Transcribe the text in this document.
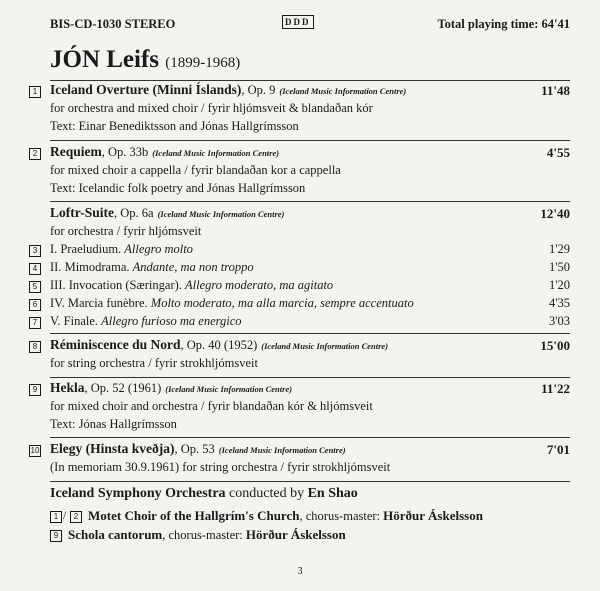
BIS-CD-1030 STEREO	DDD	Total playing time: 64'41
JÓN Leifs (1899-1968)
1 Iceland Overture (Minni Íslands), Op. 9 (Iceland Music Information Centre)	11'48
for orchestra and mixed choir / fyrir hljómsveit & blandaðan kór
Text: Einar Benediktsson and Jónas Hallgrímsson
2 Requiem, Op. 33b (Iceland Music Information Centre)	4'55
for mixed choir a cappella / fyrir blandaðan kor a cappella
Text: Icelandic folk poetry and Jónas Hallgrímsson
Loftr-Suite, Op. 6a (Iceland Music Information Centre)	12'40
for orchestra / fyrir hljómsveit
3	I. Praeludium. Allegro molto	1'29
4	II. Mimodrama. Andante, ma non troppo	1'50
5	III. Invocation (Særingar). Allegro moderato, ma agitato	1'20
6	IV. Marcia funèbre. Molto moderato, ma alla marcia, sempre accentuato	4'35
7	V. Finale. Allegro furioso ma energico	3'03
8 Réminiscence du Nord, Op. 40 (1952) (Iceland Music Information Centre)	15'00
for string orchestra / fyrir strokhljómsveit
9 Hekla, Op. 52 (1961) (Iceland Music Information Centre)	11'22
for mixed choir and orchestra / fyrir blandaðan kór & hljómsveit
Text: Jónas Hallgrímsson
10 Elegy (Hinsta kveðja), Op. 53 (Iceland Music Information Centre)	7'01
(In memoriam 30.9.1961) for string orchestra / fyrir strokhljómsveit
Iceland Symphony Orchestra conducted by En Shao
1 / 2 Motet Choir of the Hallgrím's Church, chorus-master: Hörður Áskelsson
9 Schola cantorum, chorus-master: Hörður Áskelsson
3
